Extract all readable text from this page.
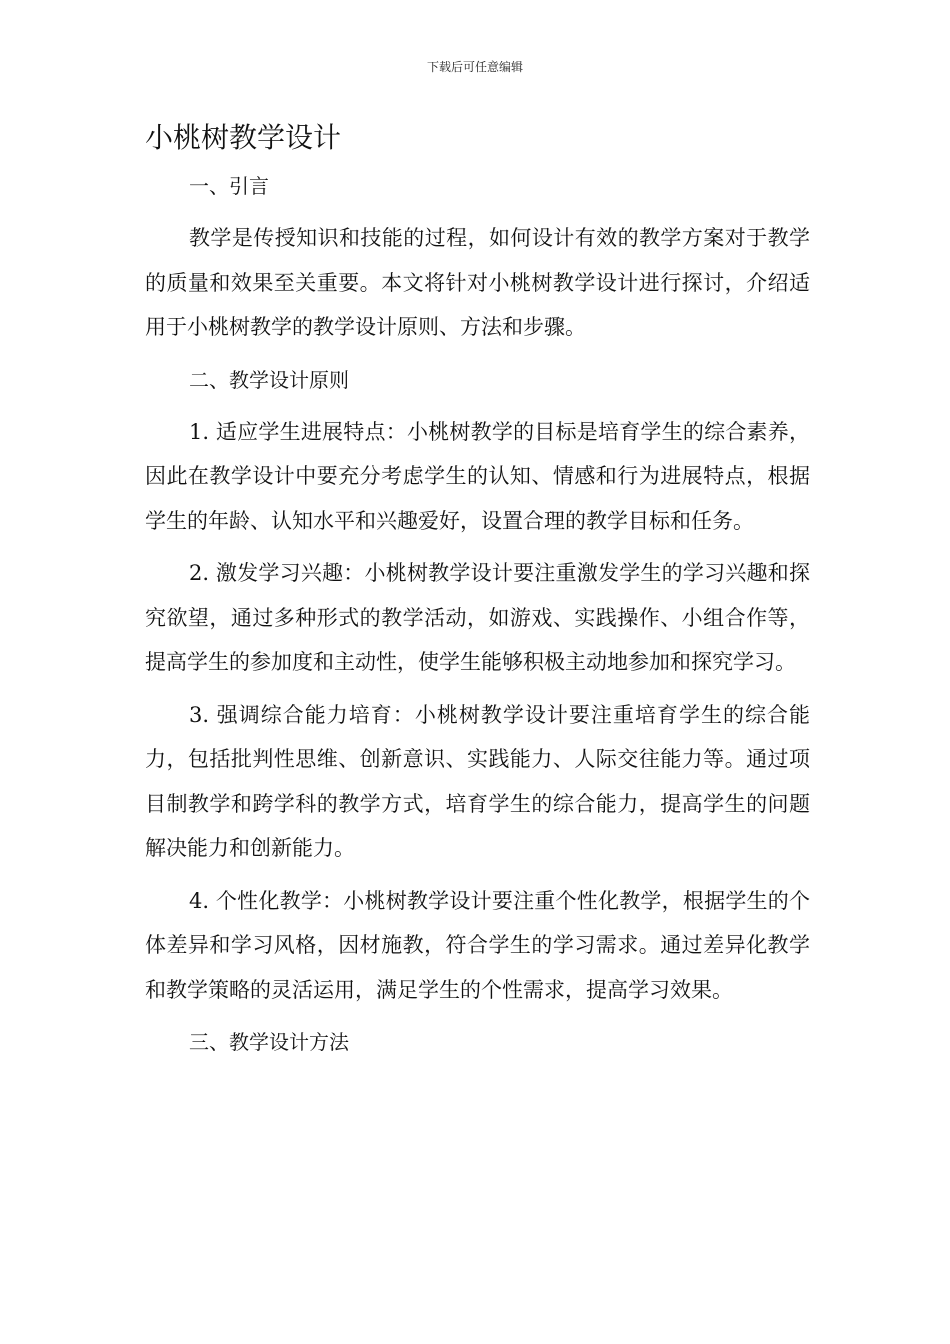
下载后可任意编辑
小桃树教学设计
一、引言

教学是传授知识和技能的过程，如何设计有效的教学方案对于教学的质量和效果至关重要。本文将针对小桃树教学设计进行探讨，介绍适用于小桃树教学的教学设计原则、方法和步骤。

二、教学设计原则

1. 适应学生进展特点：小桃树教学的目标是培育学生的综合素养，因此在教学设计中要充分考虑学生的认知、情感和行为进展特点，根据学生的年龄、认知水平和兴趣爱好，设置合理的教学目标和任务。

2. 激发学习兴趣：小桃树教学设计要注重激发学生的学习兴趣和探究欲望，通过多种形式的教学活动，如游戏、实践操作、小组合作等，提高学生的参加度和主动性，使学生能够积极主动地参加和探究学习。

3. 强调综合能力培育：小桃树教学设计要注重培育学生的综合能力，包括批判性思维、创新意识、实践能力、人际交往能力等。通过项目制教学和跨学科的教学方式，培育学生的综合能力，提高学生的问题解决能力和创新能力。

4. 个性化教学：小桃树教学设计要注重个性化教学，根据学生的个体差异和学习风格，因材施教，符合学生的学习需求。通过差异化教学和教学策略的灵活运用，满足学生的个性需求，提高学习效果。

三、教学设计方法
